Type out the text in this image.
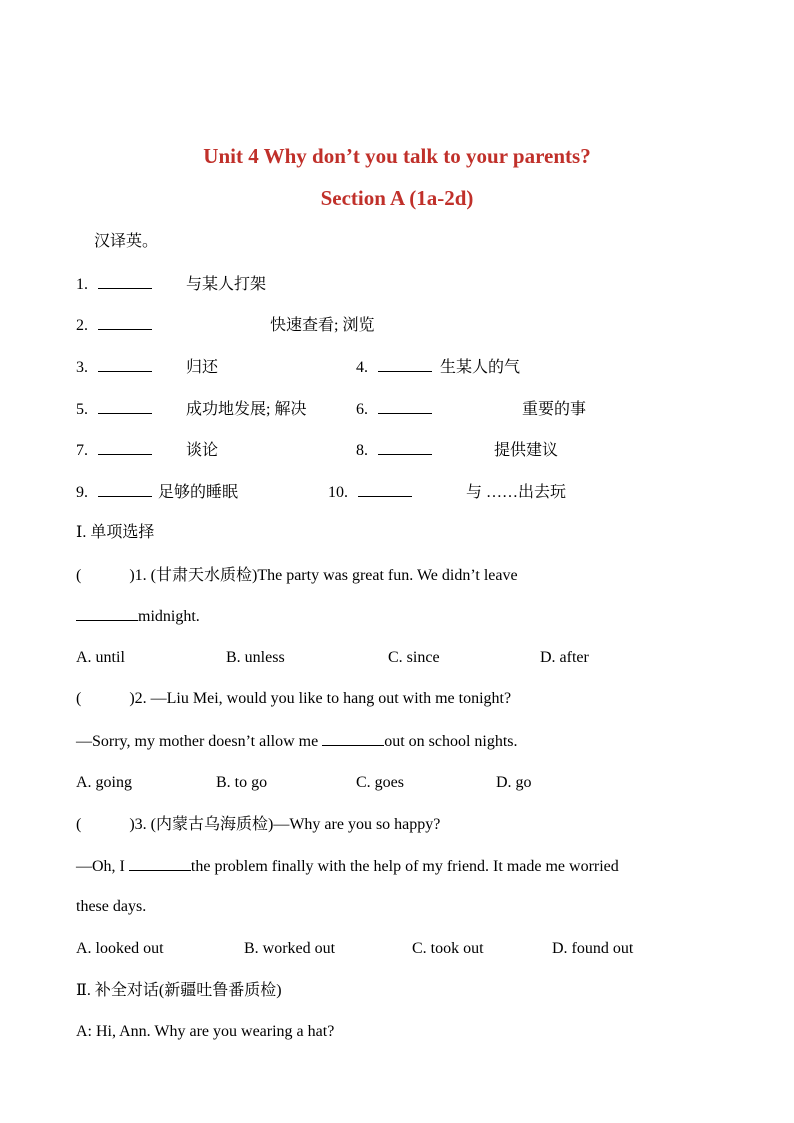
Unit 4 Why don’t you talk to your parents?
Section A (1a-2d)
汉译英。
1.	与某人打架
2.	快速查看; 浏览
3.	归还	4.	生某人的气
5.	成功地发展; 解决	6.	重要的事
7.	谈论	8.	提供建议
9.	足够的睡眠	10.	与 ……出去玩
Ⅰ. 单项选择
(	)1. (甘肃天水质检)The party was great fun. We didn’t leave
midnight.
A. until	B. unless	C. since	D. after
(	)2. —Liu Mei, would you like to hang out with me tonight?
—Sorry, my mother doesn’t allow me	out on school nights.
A. going	B. to go	C. goes	D. go
(	)3. (内蒙古乌海质检)—Why are you so happy?
—Oh, I	the problem finally with the help of my friend. It made me worried
these days.
A. looked out	B. worked out	C. took out	D. found out
Ⅱ. 补全对话(新疆吐鲁番质检)
A: Hi, Ann. Why are you wearing a hat?
